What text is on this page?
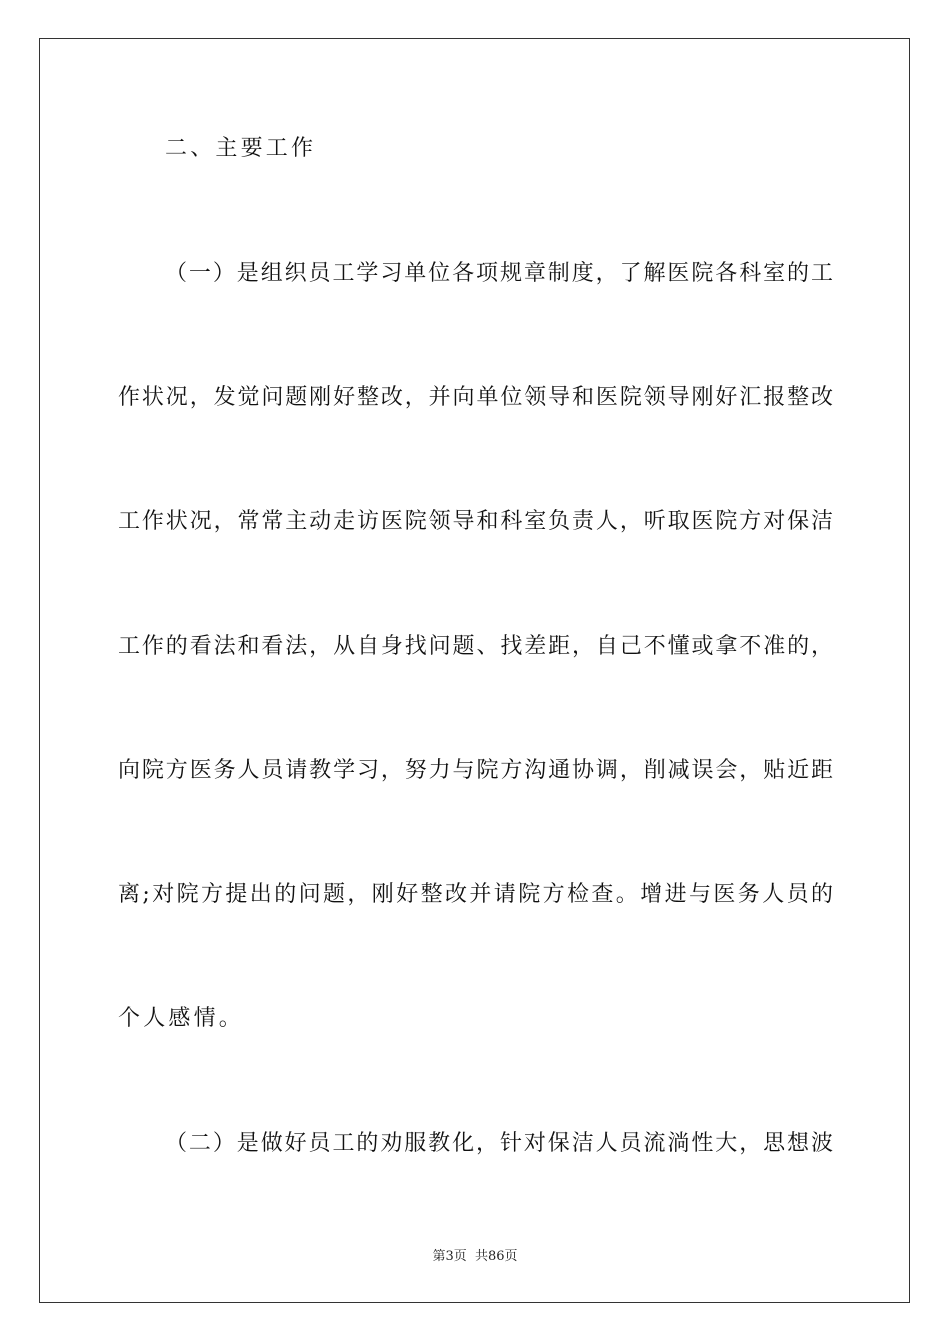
二、主要工作
（一）是组织员工学习单位各项规章制度，了解医院各科室的工
作状况，发觉问题刚好整改，并向单位领导和医院领导刚好汇报整改
工作状况，常常主动走访医院领导和科室负责人，听取医院方对保洁
工作的看法和看法，从自身找问题、找差距，自己不懂或拿不准的，
向院方医务人员请教学习，努力与院方沟通协调，削减误会，贴近距
离;对院方提出的问题，刚好整改并请院方检查。增进与医务人员的
个人感情。
（二）是做好员工的劝服教化，针对保洁人员流淌性大，思想波
第3页 共86页
